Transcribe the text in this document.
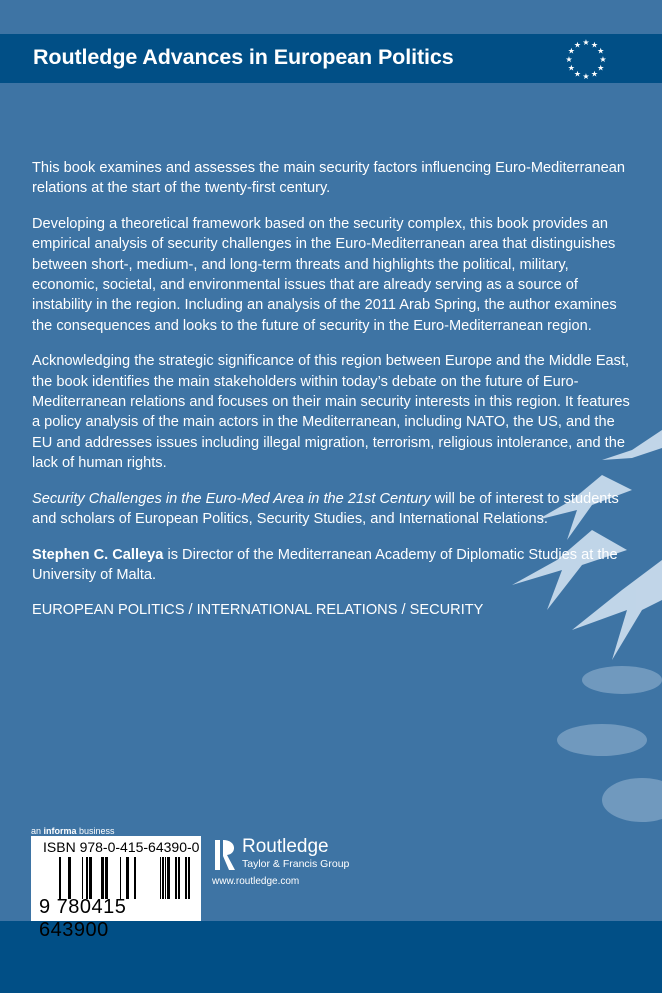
Routledge Advances in European Politics
★ ★
★
★
★
★
★
★
★
★
★
★

This book examines and assesses the main security factors influencing Euro-Mediterranean relations at the start of the twenty-first century.

Developing a theoretical framework based on the security complex, this book provides an empirical analysis of security challenges in the Euro-Mediterranean area that distinguishes between short-, medium-, and long-term threats and highlights the political, military, economic, societal, and environmental issues that are already serving as a source of instability in the region. Including an analysis of the 2011 Arab Spring, the author examines the consequences and looks to the future of security in the Euro-Mediterranean region.

Acknowledging the strategic significance of this region between Europe and the Middle East, the book identifies the main stakeholders within today’s debate on the future of Euro-Mediterranean relations and focuses on their main security interests in this region. It features a policy analysis of the main actors in the Mediterranean, including NATO, the US, and the EU and addresses issues including illegal migration, terrorism, religious intolerance, and the lack of human rights.

Security Challenges in the Euro-Med Area in the 21st Century will be of interest to students and scholars of European Politics, Security Studies, and International Relations.

Stephen C. Calleya is Director of the Mediterranean Academy of Diplomatic Studies at the University of Malta.

EUROPEAN POLITICS / INTERNATIONAL RELATIONS / SECURITY

an informa business
ISBN 978-0-415-64390-0
9 780415 643900
Routledge
Taylor & Francis Group
www.routledge.com
